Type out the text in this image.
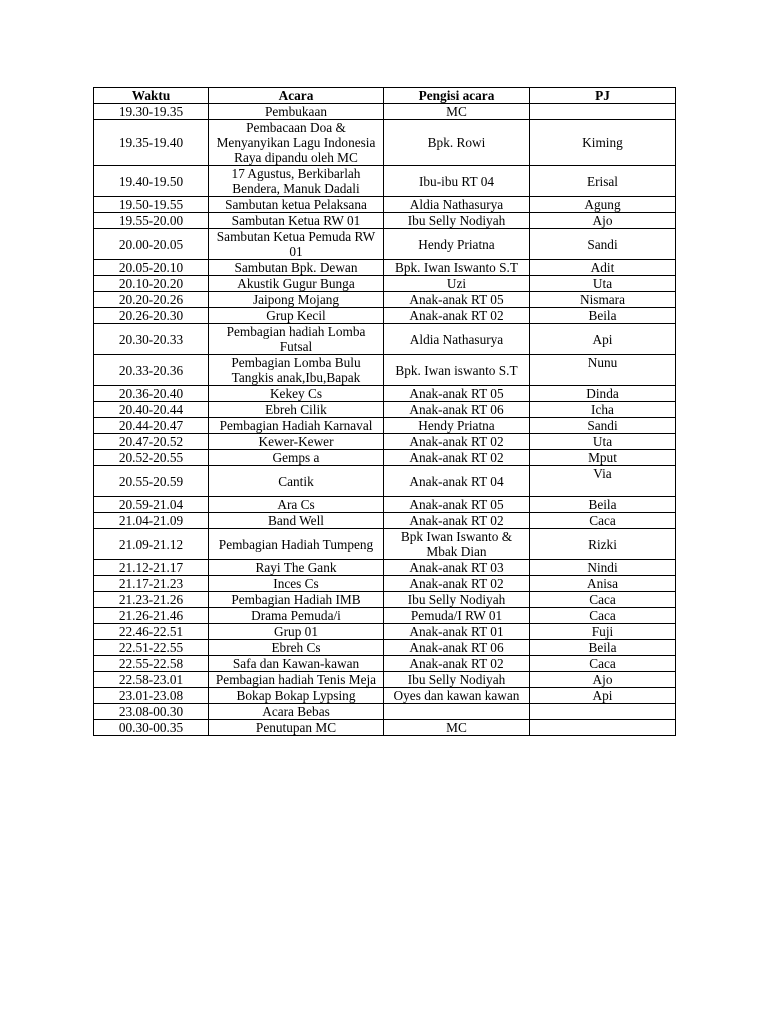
Waktu	Acara	Pengisi acara	PJ
19.30-19.35	Pembukaan	MC	
19.35-19.40	Pembacaan Doa & Menyanyikan Lagu Indonesia Raya dipandu oleh MC	Bpk. Rowi	Kiming
19.40-19.50	17 Agustus, Berkibarlah Bendera, Manuk Dadali	Ibu-ibu RT 04	Erisal
19.50-19.55	Sambutan ketua Pelaksana	Aldia Nathasurya	Agung
19.55-20.00	Sambutan Ketua RW 01	Ibu Selly Nodiyah	Ajo
20.00-20.05	Sambutan Ketua Pemuda RW 01	Hendy Priatna	Sandi
20.05-20.10	Sambutan Bpk. Dewan	Bpk. Iwan Iswanto S.T	Adit
20.10-20.20	Akustik Gugur Bunga	Uzi	Uta
20.20-20.26	Jaipong Mojang	Anak-anak RT 05	Nismara
20.26-20.30	Grup Kecil	Anak-anak RT 02	Beila
20.30-20.33	Pembagian hadiah Lomba Futsal	Aldia Nathasurya	Api
20.33-20.36	Pembagian Lomba Bulu Tangkis anak,Ibu,Bapak	Bpk. Iwan iswanto S.T	Nunu
20.36-20.40	Kekey Cs	Anak-anak RT 05	Dinda
20.40-20.44	Ebreh Cilik	Anak-anak RT 06	Icha
20.44-20.47	Pembagian Hadiah Karnaval	Hendy Priatna	Sandi
20.47-20.52	Kewer-Kewer	Anak-anak RT 02	Uta
20.52-20.55	Gemps a	Anak-anak RT 02	Mput
20.55-20.59	Cantik	Anak-anak RT 04	Via
20.59-21.04	Ara Cs	Anak-anak RT 05	Beila
21.04-21.09	Band Well	Anak-anak RT 02	Caca
21.09-21.12	Pembagian Hadiah Tumpeng	Bpk Iwan Iswanto & Mbak Dian	Rizki
21.12-21.17	Rayi The Gank	Anak-anak RT 03	Nindi
21.17-21.23	Inces Cs	Anak-anak RT 02	Anisa
21.23-21.26	Pembagian Hadiah IMB	Ibu Selly Nodiyah	Caca
21.26-21.46	Drama Pemuda/i	Pemuda/I RW 01	Caca
22.46-22.51	Grup 01	Anak-anak RT 01	Fuji
22.51-22.55	Ebreh Cs	Anak-anak RT 06	Beila
22.55-22.58	Safa dan Kawan-kawan	Anak-anak RT 02	Caca
22.58-23.01	Pembagian hadiah Tenis Meja	Ibu Selly Nodiyah	Ajo
23.01-23.08	Bokap Bokap Lypsing	Oyes dan kawan kawan	Api
23.08-00.30	Acara Bebas		
00.30-00.35	Penutupan MC	MC	
